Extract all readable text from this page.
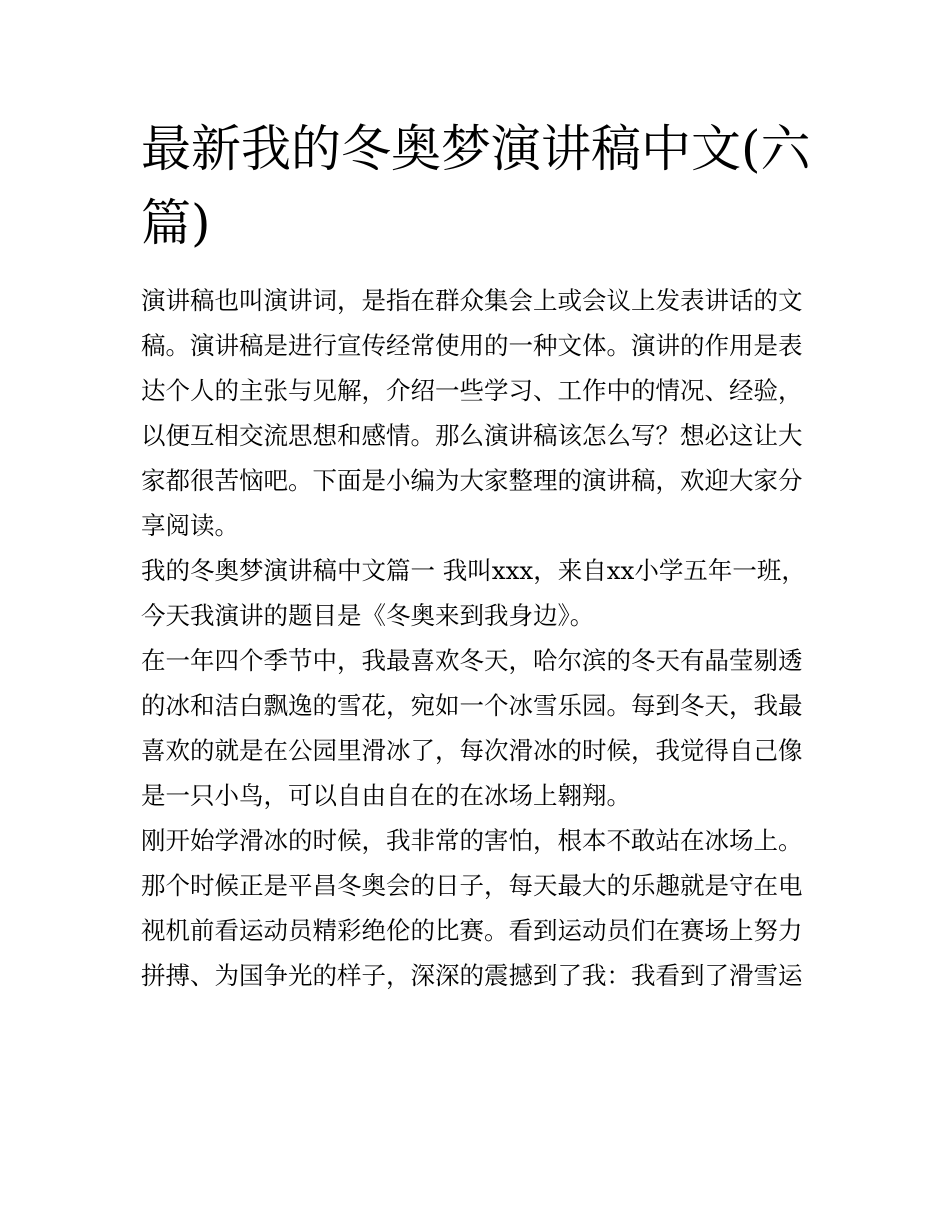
最新我的冬奥梦演讲稿中文(六篇)

演讲稿也叫演讲词，是指在群众集会上或会议上发表讲话的文稿。演讲稿是进行宣传经常使用的一种文体。演讲的作用是表达个人的主张与见解，介绍一些学习、工作中的情况、经验，以便互相交流思想和感情。那么演讲稿该怎么写？想必这让大家都很苦恼吧。下面是小编为大家整理的演讲稿，欢迎大家分享阅读。

我的冬奥梦演讲稿中文篇一 我叫xxx，来自xx小学五年一班，今天我演讲的题目是《冬奥来到我身边》。

在一年四个季节中，我最喜欢冬天，哈尔滨的冬天有晶莹剔透的冰和洁白飘逸的雪花，宛如一个冰雪乐园。每到冬天，我最喜欢的就是在公园里滑冰了，每次滑冰的时候，我觉得自己像是一只小鸟，可以自由自在的在冰场上翱翔。

刚开始学滑冰的时候，我非常的害怕，根本不敢站在冰场上。那个时候正是平昌冬奥会的日子，每天最大的乐趣就是守在电视机前看运动员精彩绝伦的比赛。看到运动员们在赛场上努力拼搏、为国争光的样子，深深的震撼到了我：我看到了滑雪运
